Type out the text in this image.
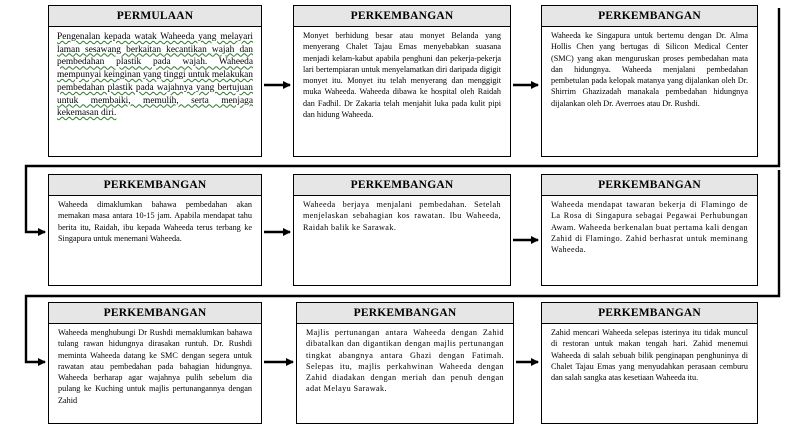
PERMULAAN
Pengenalan kepada watak Waheeda yang melayari laman sesawang berkaitan kecantikan wajah dan pembedahan plastik pada wajah. Waheeda mempunyai keinginan yang tinggi untuk melakukan pembedahan plastik pada wajahnya yang bertujuan untuk membaiki, memulih, serta menjaga kekemasan diri.
PERKEMBANGAN
Monyet berhidung besar atau monyet Belanda yang menyerang Chalet Tajau Emas menyebabkan suasana menjadi kelam-kabut apabila penghuni dan pekerja-pekerja lari bertempiaran untuk menyelamatkan diri daripada digigit monyet itu. Monyet itu telah menyerang dan menggigit muka Waheeda. Waheeda dibawa ke hospital oleh Raidah dan Fadhil. Dr Zakaria telah menjahit luka pada kulit pipi dan hidung Waheeda.
PERKEMBANGAN
Waheeda ke Singapura untuk bertemu dengan Dr. Alma Hollis Chen yang bertugas di Silicon Medical Center (SMC) yang akan menguruskan proses pembedahan mata dan hidungnya. Waheeda menjalani pembedahan pembetulan pada kelopak matanya yang dijalankan oleh Dr. Shirrim Ghazizadah manakala pembedahan hidungnya dijalankan oleh Dr. Averroes atau Dr. Rushdi.
PERKEMBANGAN
Waheeda dimaklumkan bahawa pembedahan akan memakan masa antara 10-15 jam. Apabila mendapat tahu berita itu, Raidah, ibu kepada Waheeda terus terbang ke Singapura untuk menemani Waheeda.
PERKEMBANGAN
Waheeda berjaya menjalani pembedahan. Setelah menjelaskan sebahagian kos rawatan. Ibu Waheeda, Raidah balik ke Sarawak.
PERKEMBANGAN
Waheeda mendapat tawaran bekerja di Flamingo de La Rosa di Singapura sebagai Pegawai Perhubungan Awam. Waheeda berkenalan buat pertama kali dengan Zahid di Flamingo. Zahid berhasrat untuk meminang Waheeda.
PERKEMBANGAN
Waheeda menghubungi Dr Rushdi memaklumkan bahawa tulang rawan hidungnya dirasakan runtuh. Dr. Rushdi meminta Waheeda datang ke SMC dengan segera untuk rawatan atau pembedahan pada bahagian hidungnya. Waheeda berharap agar wajahnya pulih sebelum dia pulang ke Kuching untuk majlis pertunangannya dengan Zahid
PERKEMBANGAN
Majlis pertunangan antara Waheeda dengan Zahid dibatalkan dan digantikan dengan majlis pertunangan tingkat abangnya antara Ghazi dengan Fatimah. Selepas itu, majlis perkahwinan Waheeda dengan Zahid diadakan dengan meriah dan penuh dengan adat Melayu Sarawak.
PERKEMBANGAN
Zahid mencari Waheeda selepas isterinya itu tidak muncul di restoran untuk makan tengah hari. Zahid menemui Waheeda di salah sebuah bilik penginapan penghuninya di Chalet Tajau Emas yang menyudahkan perasaan cemburu dan salah sangka atas kesetiaan Waheeda itu.
